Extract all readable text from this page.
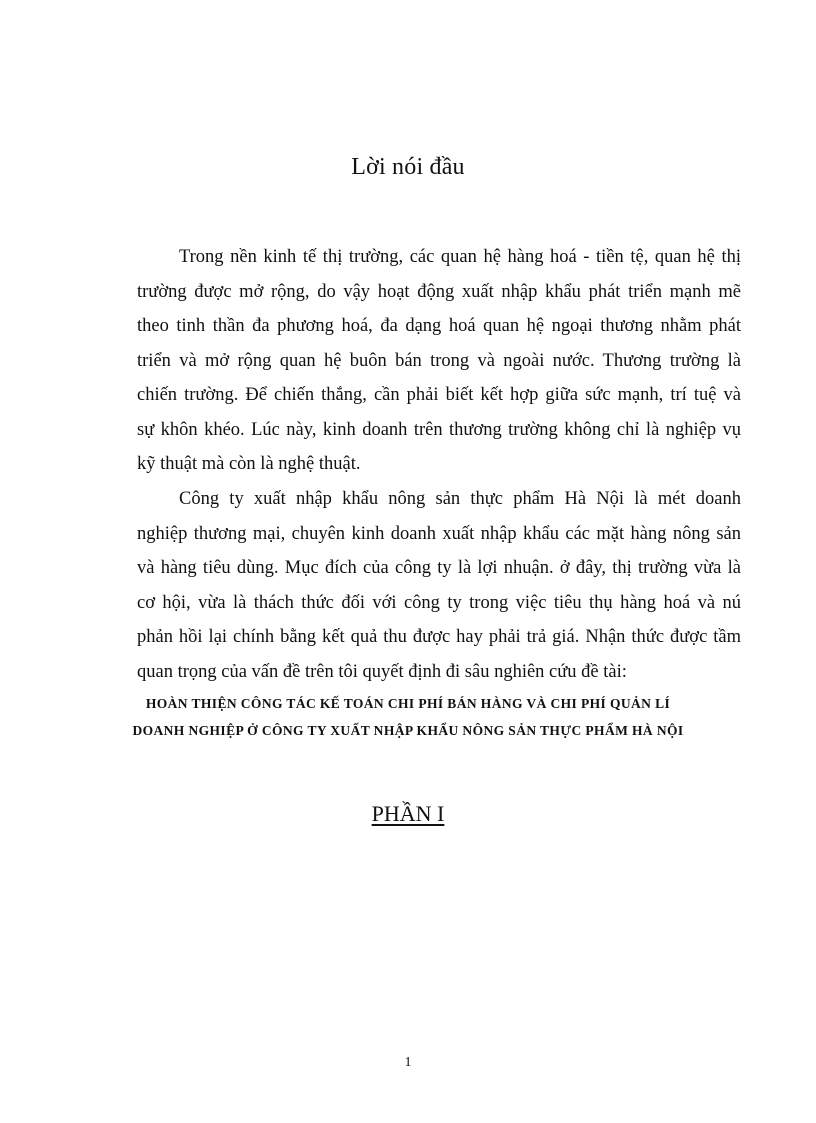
Lời nói đầu
Trong nền kinh tế thị trường, các quan hệ hàng hoá - tiền tệ, quan hệ thị
trường được mở rộng, do vậy hoạt động xuất nhập khẩu phát triển mạnh mẽ
theo tinh thần đa phương hoá, đa dạng hoá quan hệ ngoại thương nhằm phát
triển và mở rộng quan hệ buôn bán trong và ngoài nước. Thương trường là
chiến trường. Để chiến thắng, cần phải biết kết hợp giữa sức mạnh, trí tuệ và
sự khôn khéo. Lúc này, kinh doanh trên thương trường không chỉ là nghiệp vụ
kỹ thuật mà còn là nghệ thuật.
Công ty xuất nhập khẩu nông sản thực phẩm Hà Nội là mét doanh
nghiệp thương mại, chuyên kinh doanh xuất nhập khẩu các mặt hàng nông sản
và hàng tiêu dùng. Mục đích của công ty là lợi nhuận. ở đây, thị trường vừa là
cơ hội, vừa là thách thức đối với công ty trong việc tiêu thụ hàng hoá và nú
phản hồi lại chính bằng kết quả thu được hay phải trả giá. Nhận thức được tầm
quan trọng của vấn đề trên tôi quyết định đi sâu nghiên cứu đề tài:
HOÀN THIỆN CÔNG TÁC KẾ TOÁN CHI PHÍ BÁN HÀNG VÀ CHI PHÍ QUẢN LÍ
DOANH NGHIỆP Ở CÔNG TY XUẤT NHẬP KHẨU NÔNG SẢN THỰC PHẨM HÀ NỘI
PHẦN I
1
